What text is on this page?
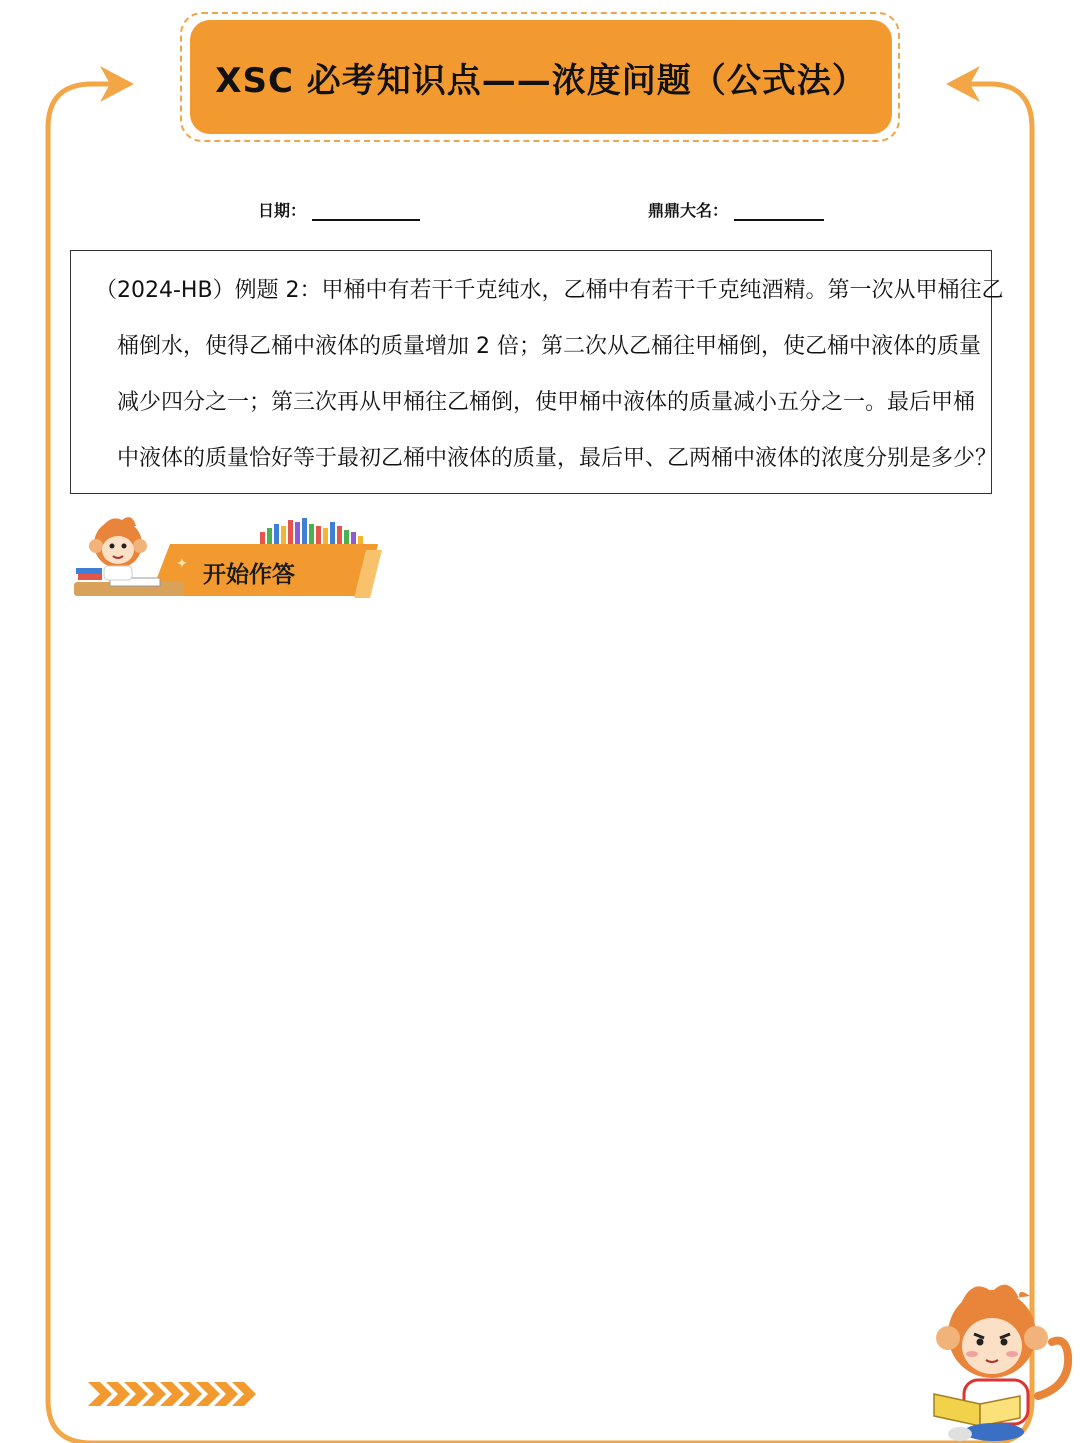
XSC 必考知识点——浓度问题（公式法）
日期：	鼎鼎大名：
（2024-HB）例题 2：甲桶中有若干千克纯水，乙桶中有若干千克纯酒精。第一次从甲桶往乙
桶倒水，使得乙桶中液体的质量增加 2 倍；第二次从乙桶往甲桶倒，使乙桶中液体的质量
减少四分之一；第三次再从甲桶往乙桶倒，使甲桶中液体的质量减小五分之一。最后甲桶
中液体的质量恰好等于最初乙桶中液体的质量，最后甲、乙两桶中液体的浓度分别是多少？
✦ 开始作答
